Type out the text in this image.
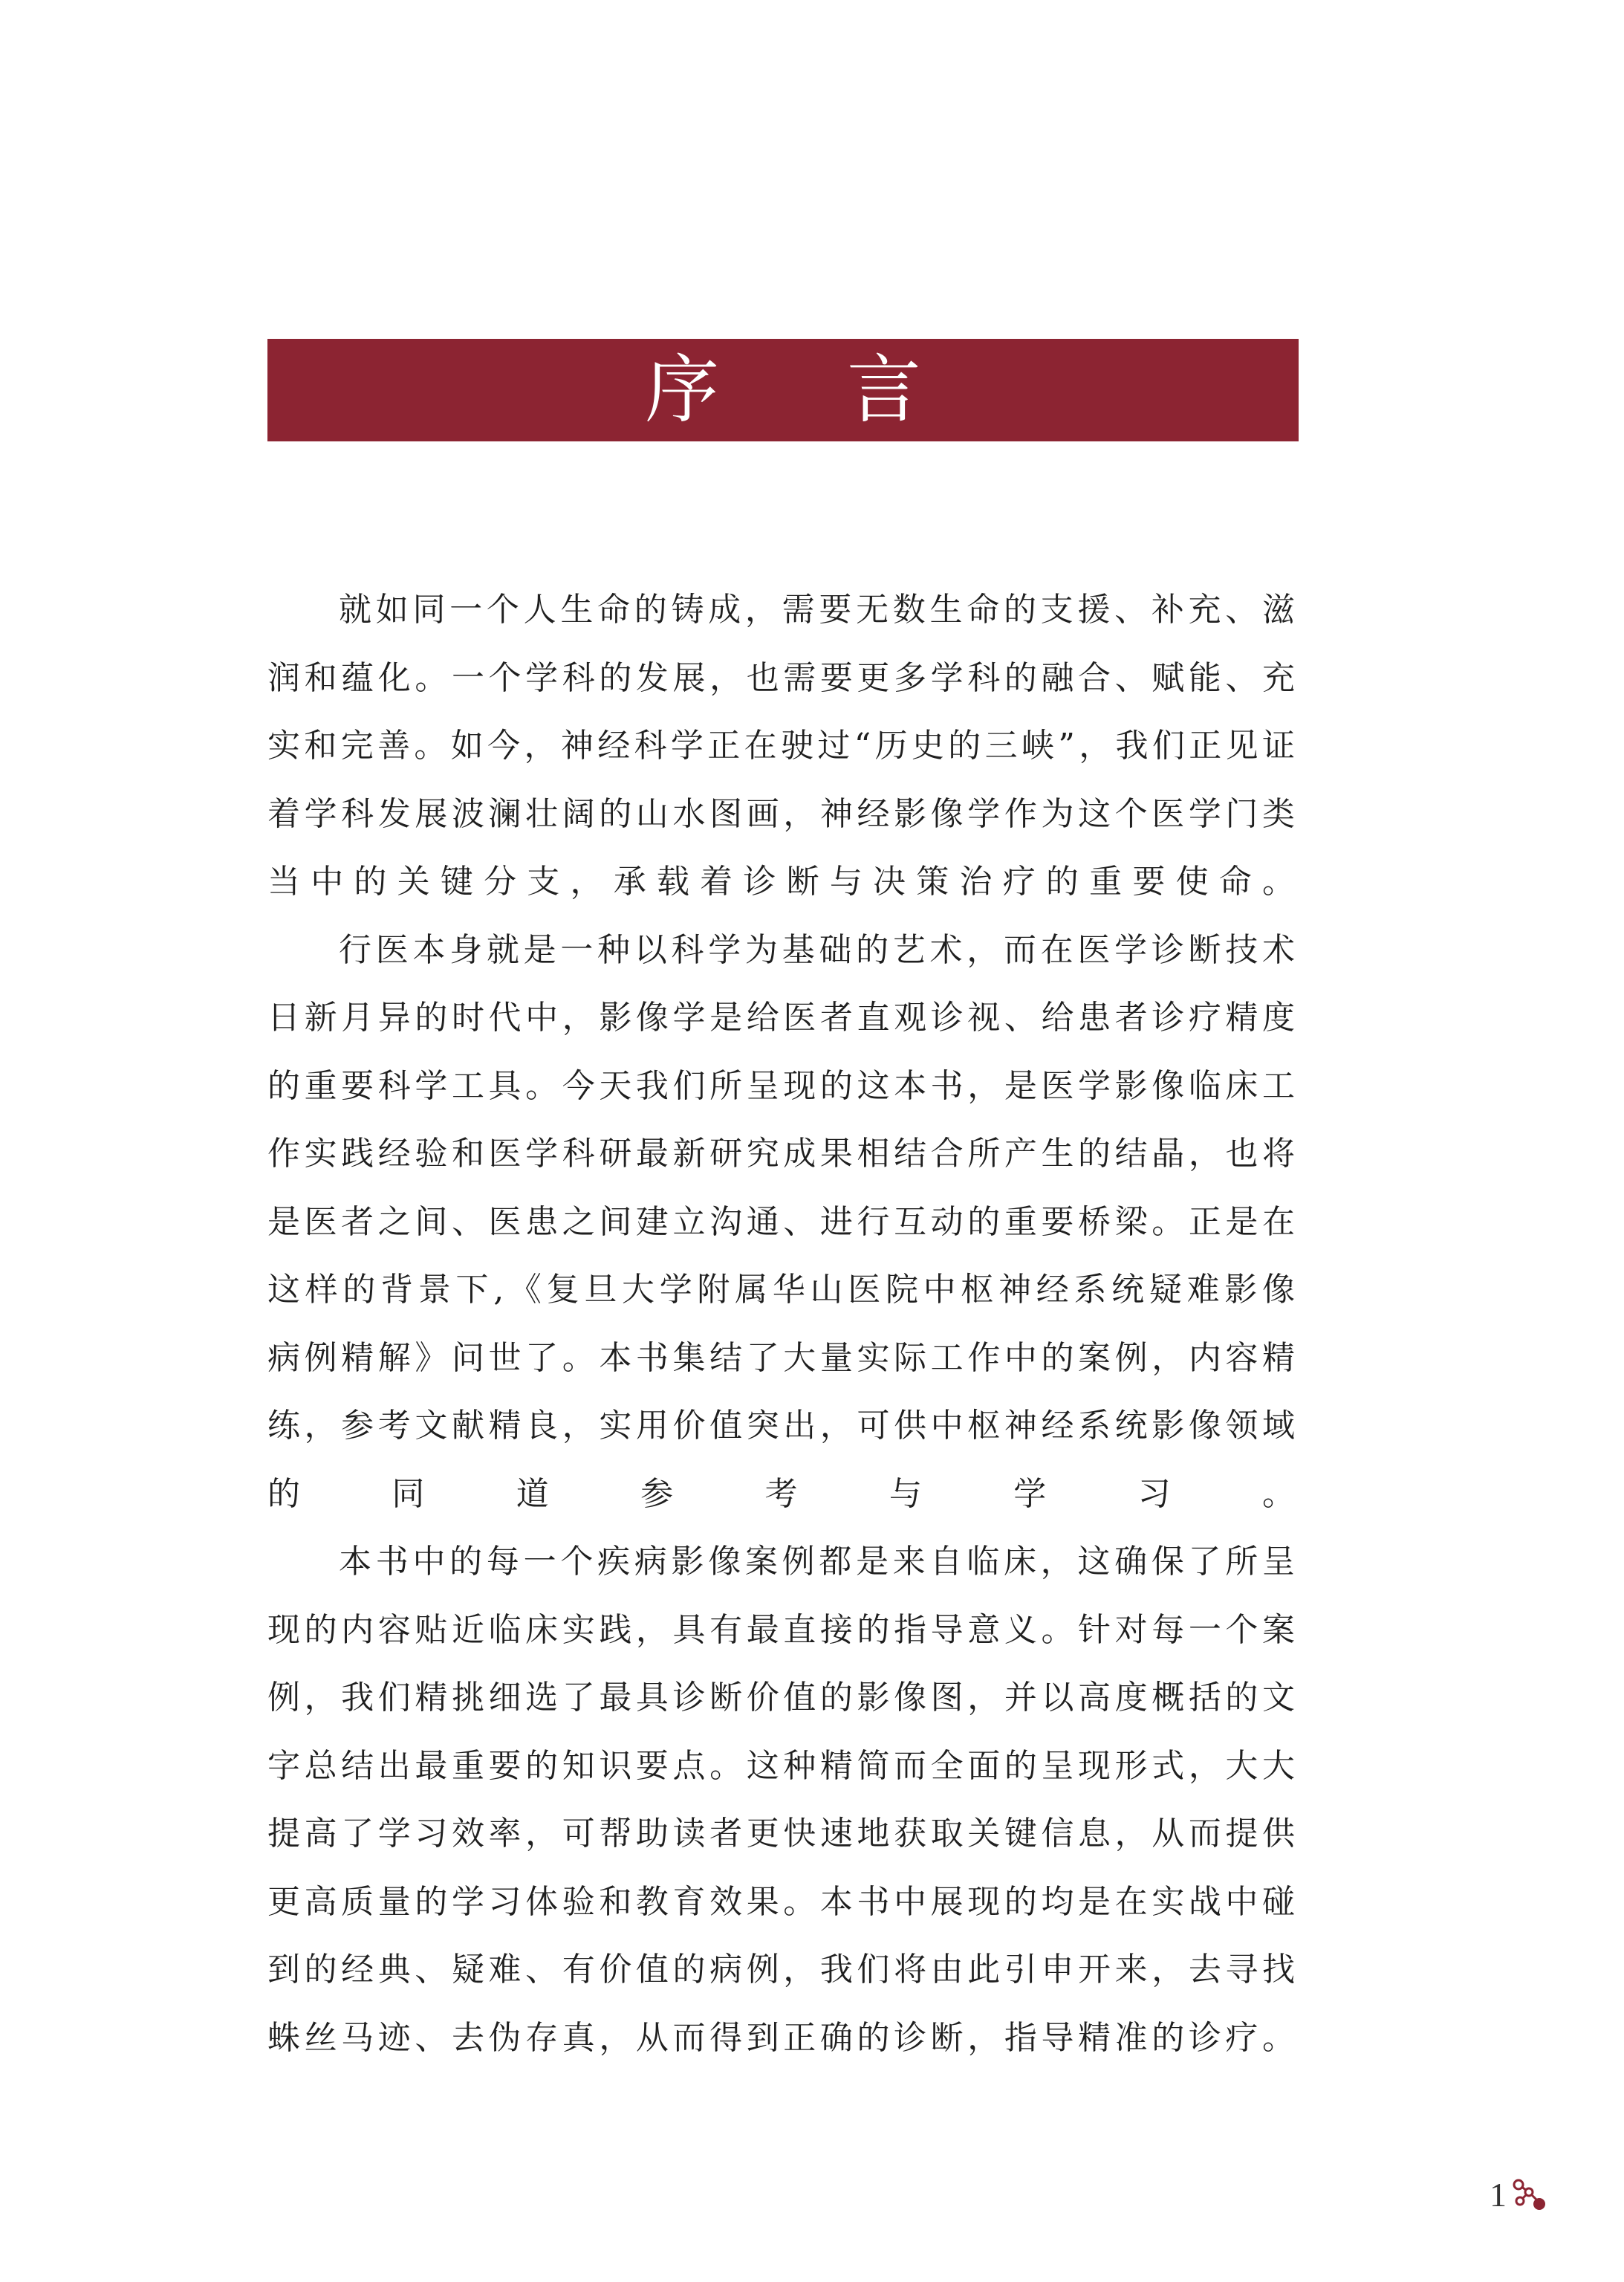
序 言

就如同一个人生命的铸成，需要无数生命的支援、补充、滋润和蕴化。一个学科的发展，也需要更多学科的融合、赋能、充实和完善。如今，神经科学正在驶过“历史的三峡”，我们正见证着学科发展波澜壮阔的山水图画，神经影像学作为这个医学门类当中的关键分支，承载着诊断与决策治疗的重要使命。

行医本身就是一种以科学为基础的艺术，而在医学诊断技术日新月异的时代中，影像学是给医者直观诊视、给患者诊疗精度的重要科学工具。今天我们所呈现的这本书，是医学影像临床工作实践经验和医学科研最新研究成果相结合所产生的结晶，也将是医者之间、医患之间建立沟通、进行互动的重要桥梁。正是在这样的背景下,《复旦大学附属华山医院中枢神经系统疑难影像病例精解》问世了。本书集结了大量实际工作中的案例，内容精练，参考文献精良，实用价值突出，可供中枢神经系统影像领域的同道参考与学习。

本书中的每一个疾病影像案例都是来自临床，这确保了所呈现的内容贴近临床实践，具有最直接的指导意义。针对每一个案例，我们精挑细选了最具诊断价值的影像图，并以高度概括的文字总结出最重要的知识要点。这种精简而全面的呈现形式，大大提高了学习效率，可帮助读者更快速地获取关键信息，从而提供更高质量的学习体验和教育效果。本书中展现的均是在实战中碰到的经典、疑难、有价值的病例，我们将由此引申开来，去寻找蛛丝马迹、去伪存真，从而得到正确的诊断，指导精准的诊疗。

1
